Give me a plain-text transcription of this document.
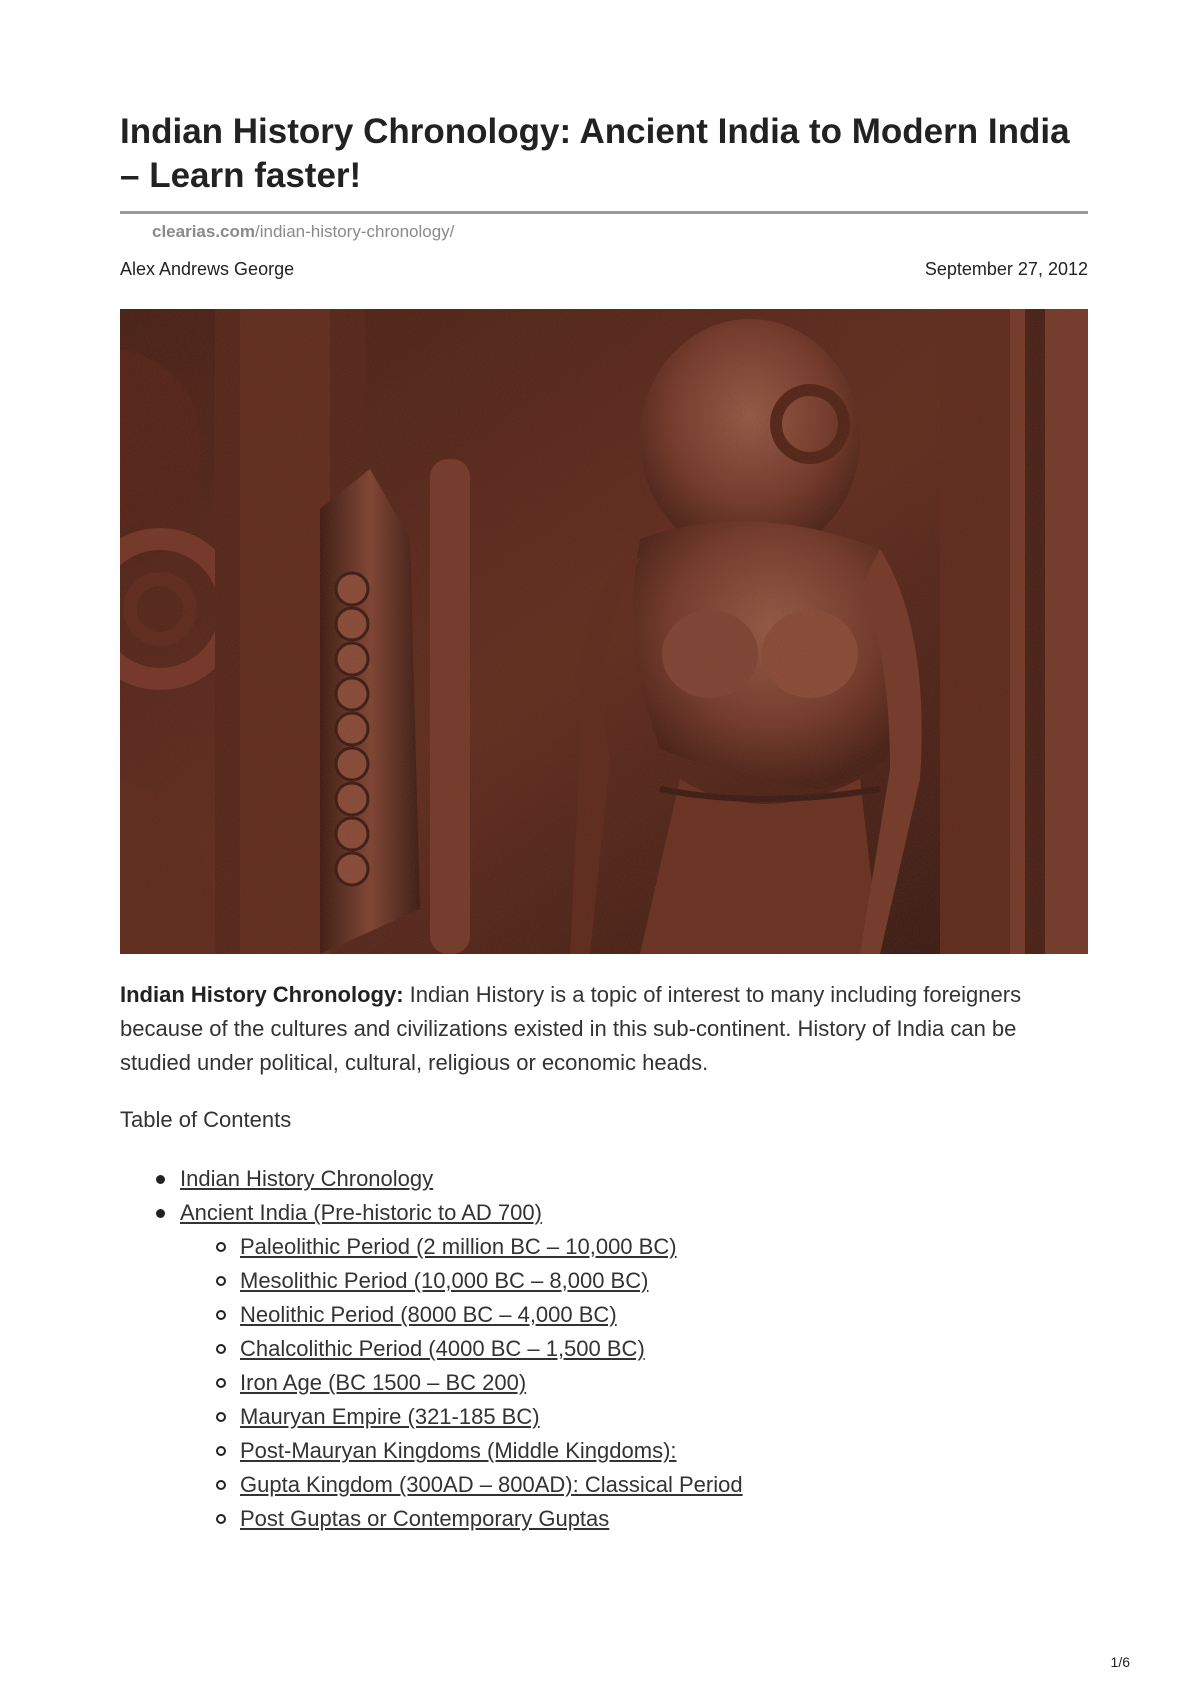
Indian History Chronology: Ancient India to Modern India – Learn faster!
clearias.com/indian-history-chronology/
Alex Andrews George	September 27, 2012

Indian History Chronology: Indian History is a topic of interest to many including foreigners because of the cultures and civilizations existed in this sub-continent. History of India can be studied under political, cultural, religious or economic heads.

Table of Contents
Indian History Chronology
Ancient India (Pre-historic to AD 700)
Paleolithic Period (2 million BC – 10,000 BC)
Mesolithic Period (10,000 BC – 8,000 BC)
Neolithic Period (8000 BC – 4,000 BC)
Chalcolithic Period (4000 BC – 1,500 BC)
Iron Age (BC 1500 – BC 200)
Mauryan Empire (321-185 BC)
Post-Mauryan Kingdoms (Middle Kingdoms):
Gupta Kingdom (300AD – 800AD): Classical Period
Post Guptas or Contemporary Guptas
1/6
